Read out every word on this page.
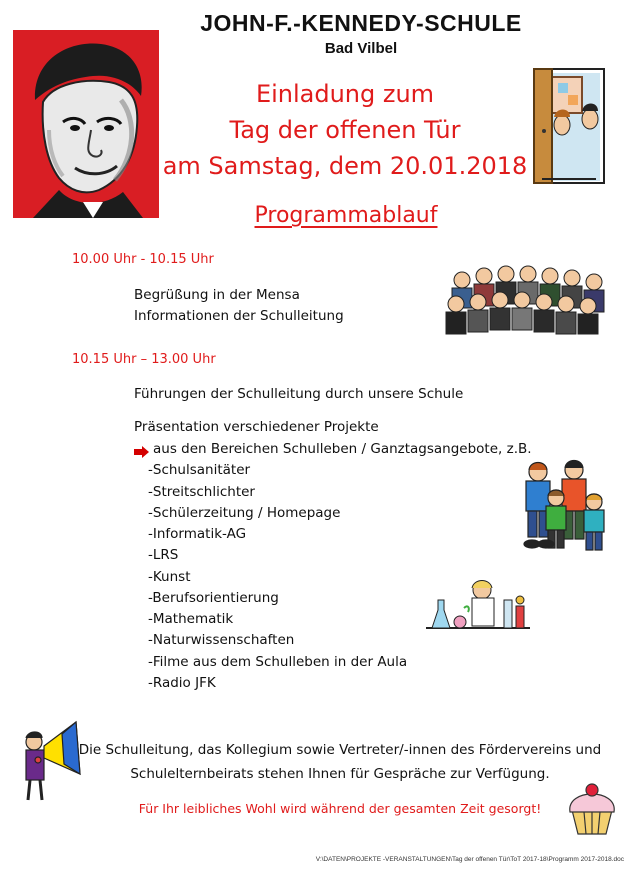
JOHN-F.-KENNEDY-SCHULE
Bad Vilbel
Einladung zum
Tag der offenen Tür
am Samstag, dem 20.01.2018
Programmablauf
10.00 Uhr - 10.15 Uhr
Begrüßung in der Mensa
Informationen der Schulleitung
10.15 Uhr – 13.00 Uhr
Führungen der Schulleitung durch unsere Schule
Präsentation verschiedener Projekte
aus den Bereichen Schulleben / Ganztagsangebote, z.B.
-Schulsanitäter
-Streitschlichter
-Schülerzeitung / Homepage
-Informatik-AG
-LRS
-Kunst
-Berufsorientierung
-Mathematik
-Naturwissenschaften
-Filme aus dem Schulleben in der Aula
-Radio JFK
Die Schulleitung, das Kollegium sowie Vertreter/-innen des Fördervereins und
Schulelternbeirats stehen Ihnen für Gespräche zur Verfügung.
Für Ihr leibliches Wohl wird während der gesamten Zeit gesorgt!
V:\DATEN\PROJEKTE -VERANSTALTUNGEN\Tag der offenen Tür\ToT 2017-18\Programm 2017-2018.doc
